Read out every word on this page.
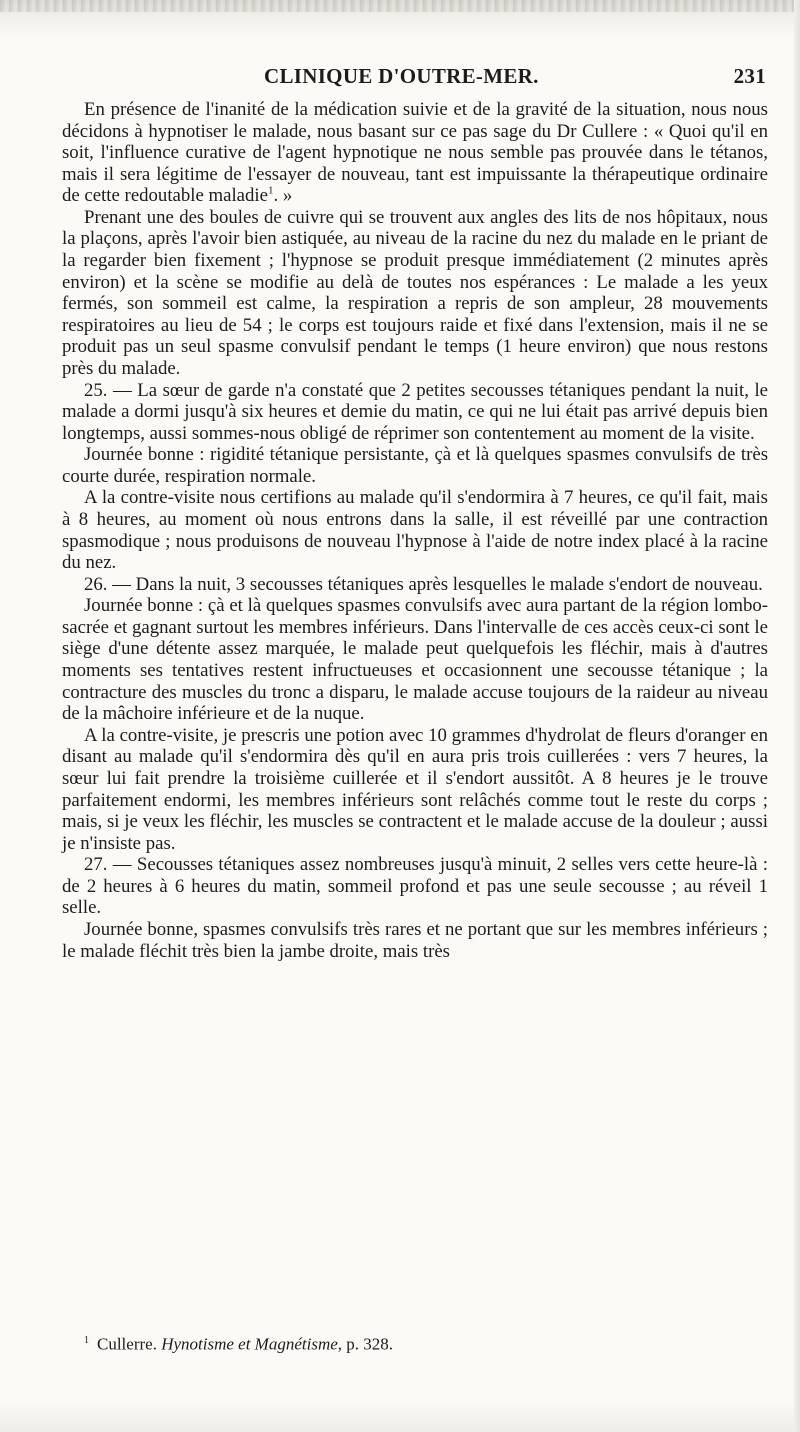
CLINIQUE D'OUTRE-MER.	231

En présence de l'inanité de la médication suivie et de la gravité de la situation, nous nous décidons à hypnotiser le malade, nous basant sur ce pas sage du Dr Cullere : « Quoi qu'il en soit, l'influence curative de l'agent hypnotique ne nous semble pas prouvée dans le tétanos, mais il sera légitime de l'essayer de nouveau, tant est impuissante la thérapeutique ordinaire de cette redoutable maladie$^1$. »

Prenant une des boules de cuivre qui se trouvent aux angles des lits de nos hôpitaux, nous la plaçons, après l'avoir bien astiquée, au niveau de la racine du nez du malade en le priant de la regarder bien fixement ; l'hypnose se produit presque immédiatement (2 minutes après environ) et la scène se modifie au delà de toutes nos espérances : Le malade a les yeux fermés, son sommeil est calme, la respiration a repris de son ampleur, 28 mouvements respiratoires au lieu de 54 ; le corps est toujours raide et fixé dans l'extension, mais il ne se produit pas un seul spasme convulsif pendant le temps (1 heure environ) que nous restons près du malade.

25. — La sœur de garde n'a constaté que 2 petites secousses tétaniques pendant la nuit, le malade a dormi jusqu'à six heures et demie du matin, ce qui ne lui était pas arrivé depuis bien longtemps, aussi sommes-nous obligé de réprimer son contentement au moment de la visite.

Journée bonne : rigidité tétanique persistante, çà et là quelques spasmes convulsifs de très courte durée, respiration normale.

A la contre-visite nous certifions au malade qu'il s'endormira à 7 heures, ce qu'il fait, mais à 8 heures, au moment où nous entrons dans la salle, il est réveillé par une contraction spasmodique ; nous produisons de nouveau l'hypnose à l'aide de notre index placé à la racine du nez.

26. — Dans la nuit, 3 secousses tétaniques après lesquelles le malade s'endort de nouveau.

Journée bonne : çà et là quelques spasmes convulsifs avec aura partant de la région lombo-sacrée et gagnant surtout les membres inférieurs. Dans l'intervalle de ces accès ceux-ci sont le siège d'une détente assez marquée, le malade peut quelquefois les fléchir, mais à d'autres moments ses tentatives restent infructueuses et occasionnent une secousse tétanique ; la contracture des muscles du tronc a disparu, le malade accuse toujours de la raideur au niveau de la mâchoire inférieure et de la nuque.

A la contre-visite, je prescris une potion avec 10 grammes d'hydrolat de fleurs d'oranger en disant au malade qu'il s'endormira dès qu'il en aura pris trois cuillerées : vers 7 heures, la sœur lui fait prendre la troisième cuillerée et il s'endort aussitôt. A 8 heures je le trouve parfaitement endormi, les membres inférieurs sont relâchés comme tout le reste du corps ; mais, si je veux les fléchir, les muscles se contractent et le malade accuse de la douleur ; aussi je n'insiste pas.

27. — Secousses tétaniques assez nombreuses jusqu'à minuit, 2 selles vers cette heure-là : de 2 heures à 6 heures du matin, sommeil profond et pas une seule secousse ; au réveil 1 selle.

Journée bonne, spasmes convulsifs très rares et ne portant que sur les membres inférieurs ; le malade fléchit très bien la jambe droite, mais très

$^1$ Cullerre. Hynotisme et Magnétisme, p. 328.
